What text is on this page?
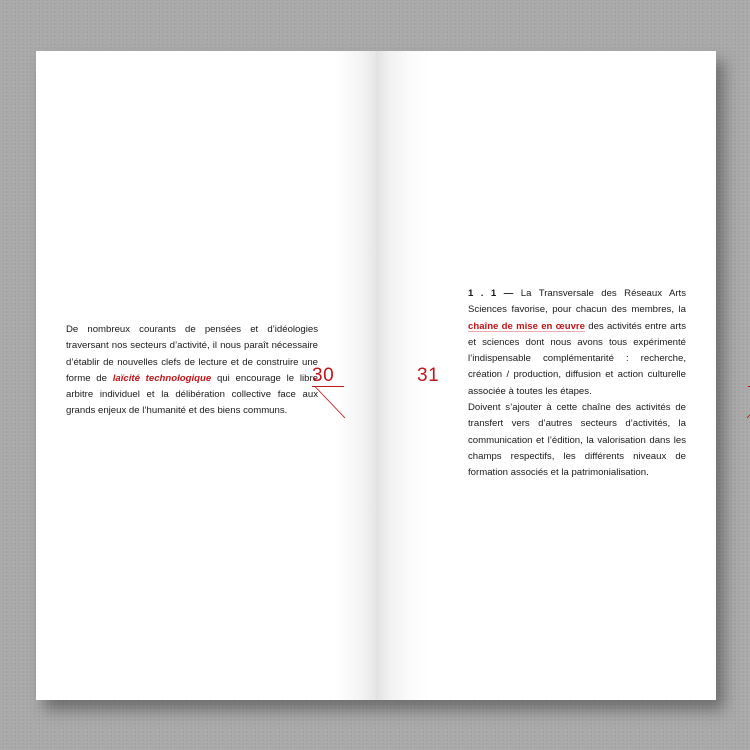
De nombreux courants de pensées et d’idéologies traversant nos secteurs d’activité, il nous paraît nécessaire d’établir de nouvelles clefs de lecture et de construire une forme de laïcité technologique qui encourage le libre arbitre individuel et la délibération collective face aux grands enjeux de l’humanité et des biens communs.

30

1 . 1 — La Transversale des Réseaux Arts Sciences favorise, pour chacun des membres, la chaîne de mise en œuvre des activités entre arts et sciences dont nous avons tous expérimenté l’indispensable complémentarité : recherche, création / production, diffusion et action culturelle associée à toutes les étapes.

Doivent s’ajouter à cette chaîne des activités de transfert vers d’autres secteurs d’activités, la communication et l’édition, la valorisation dans les champs respectifs, les différents niveaux de formation associés et la patrimonialisation.

31
